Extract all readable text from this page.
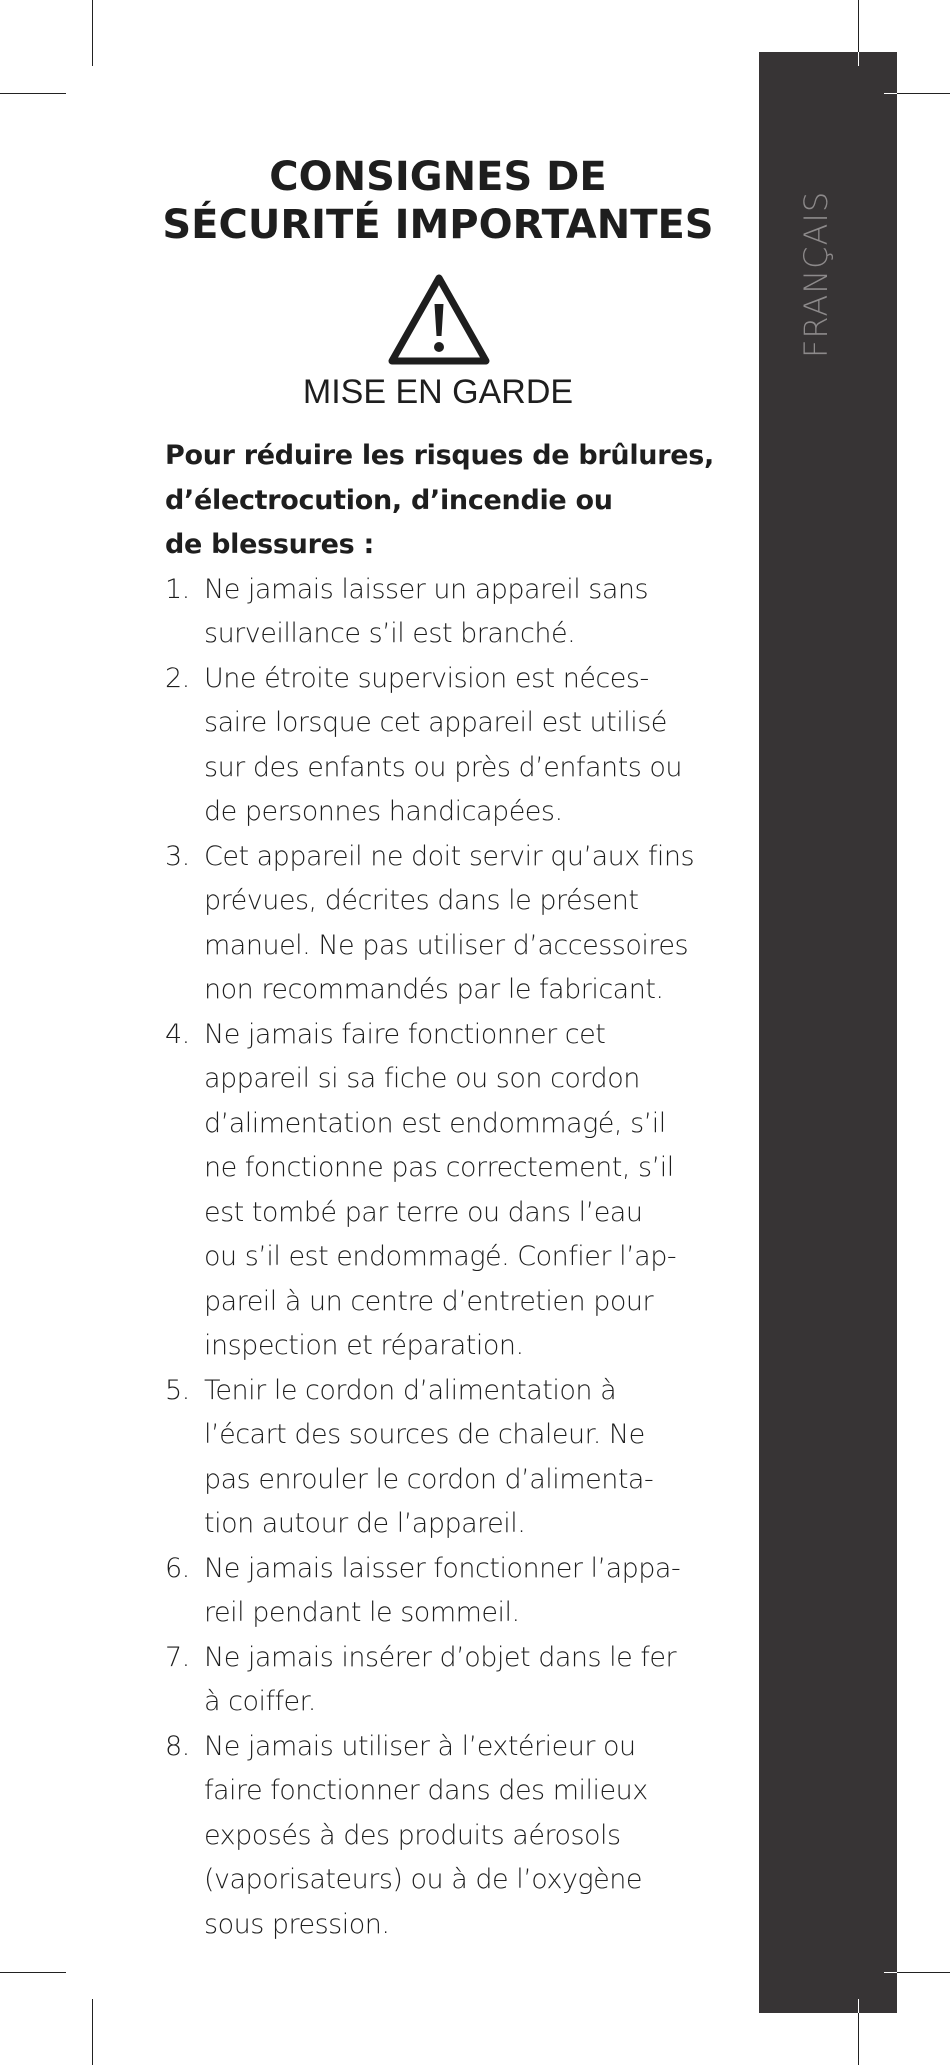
FRANÇAIS
CONSIGNES DE
SÉCURITÉ IMPORTANTES
MISE EN GARDE
Pour réduire les risques de brûlures,
d’électrocution, d’incendie ou
de blessures :
1. Ne jamais laisser un appareil sans
surveillance s’il est branché.
2. Une étroite supervision est néces-
saire lorsque cet appareil est utilisé
sur des enfants ou près d’enfants ou
de personnes handicapées.
3. Cet appareil ne doit servir qu’aux fins
prévues, décrites dans le présent
manuel. Ne pas utiliser d’accessoires
non recommandés par le fabricant.
4. Ne jamais faire fonctionner cet
appareil si sa fiche ou son cordon
d’alimentation est endommagé, s’il
ne fonctionne pas correctement, s’il
est tombé par terre ou dans l’eau
ou s’il est endommagé. Confier l’ap-
pareil à un centre d’entretien pour
inspection et réparation.
5. Tenir le cordon d’alimentation à
l’écart des sources de chaleur. Ne
pas enrouler le cordon d’alimenta-
tion autour de l’appareil.
6. Ne jamais laisser fonctionner l’appa-
reil pendant le sommeil.
7. Ne jamais insérer d’objet dans le fer
à coiffer.
8. Ne jamais utiliser à l’extérieur ou
faire fonctionner dans des milieux
exposés à des produits aérosols
(vaporisateurs) ou à de l’oxygène
sous pression.
